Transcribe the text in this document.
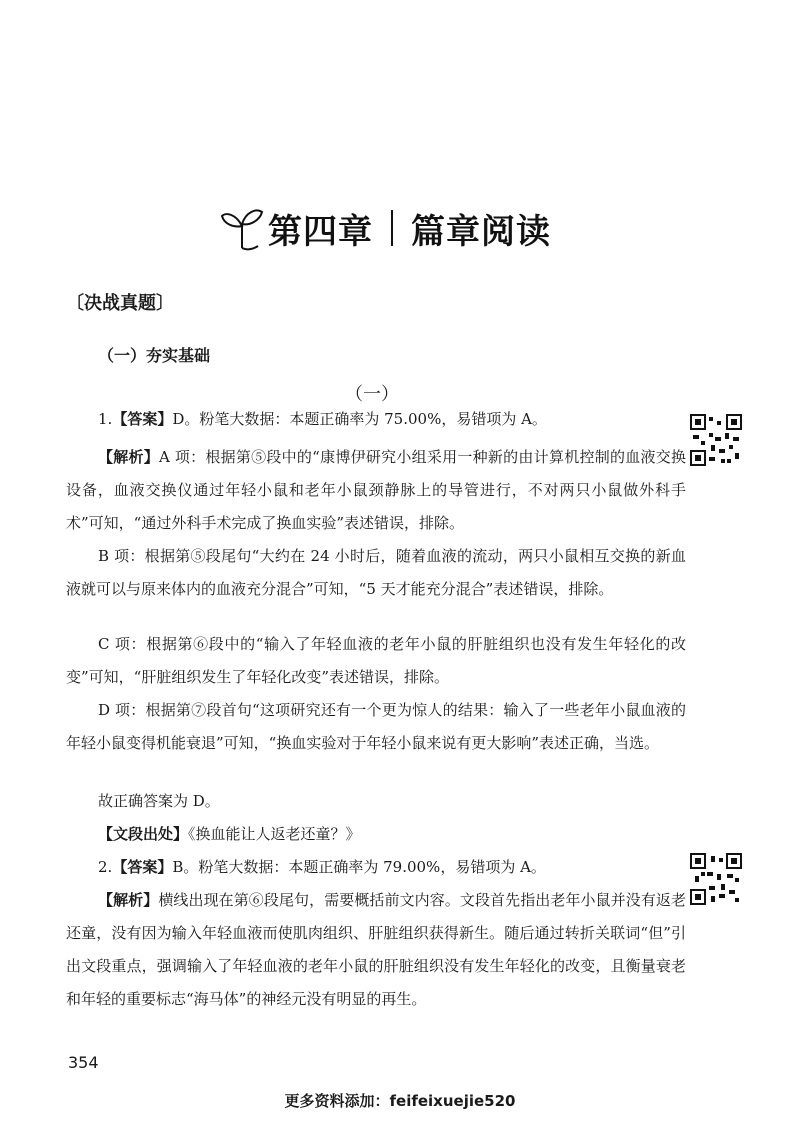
第四章 篇章阅读
〔决战真题〕
（一）夯实基础
（一）
1.【答案】D。粉笔大数据：本题正确率为 75.00%，易错项为 A。
【解析】A 项：根据第⑤段中的“康博伊研究小组采用一种新的由计算机控制的血液交换设备，血液交换仪通过年轻小鼠和老年小鼠颈静脉上的导管进行，不对两只小鼠做外科手术”可知，“通过外科手术完成了换血实验”表述错误，排除。
B 项：根据第⑤段尾句“大约在 24 小时后，随着血液的流动，两只小鼠相互交换的新血液就可以与原来体内的血液充分混合”可知，“5 天才能充分混合”表述错误，排除。
C 项：根据第⑥段中的“输入了年轻血液的老年小鼠的肝脏组织也没有发生年轻化的改变”可知，“肝脏组织发生了年轻化改变”表述错误，排除。
D 项：根据第⑦段首句“这项研究还有一个更为惊人的结果：输入了一些老年小鼠血液的年轻小鼠变得机能衰退”可知，“换血实验对于年轻小鼠来说有更大影响”表述正确，当选。
故正确答案为 D。
【文段出处】《换血能让人返老还童？》
2.【答案】B。粉笔大数据：本题正确率为 79.00%，易错项为 A。
【解析】横线出现在第⑥段尾句，需要概括前文内容。文段首先指出老年小鼠并没有返老还童，没有因为输入年轻血液而使肌肉组织、肝脏组织获得新生。随后通过转折关联词“但”引出文段重点，强调输入了年轻血液的老年小鼠的肝脏组织没有发生年轻化的改变，且衡量衰老和年轻的重要标志“海马体”的神经元没有明显的再生。
354
更多资料添加：feifeixuejie520
